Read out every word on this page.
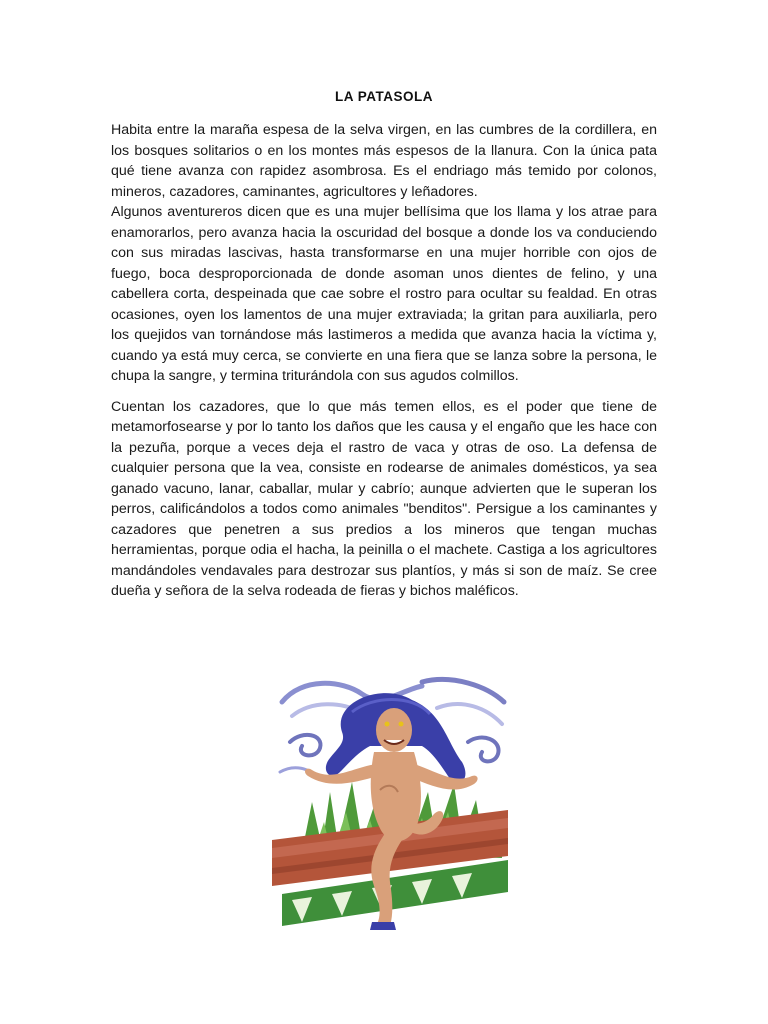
LA PATASOLA

Habita entre la maraña espesa de la selva virgen, en las cumbres de la cordillera, en los bosques solitarios o en los montes más espesos de la llanura. Con la única pata qué tiene avanza con rapidez asombrosa. Es el endriago más temido por colonos, mineros, cazadores, caminantes, agricultores y leñadores.

Algunos aventureros dicen que es una mujer bellísima que los llama y los atrae para enamorarlos, pero avanza hacia la oscuridad del bosque a donde los va conduciendo con sus miradas lascivas, hasta transformarse en una mujer horrible con ojos de fuego, boca desproporcionada de donde asoman unos dientes de felino, y una cabellera corta, despeinada que cae sobre el rostro para ocultar su fealdad. En otras ocasiones, oyen los lamentos de una mujer extraviada; la gritan para auxiliarla, pero los quejidos van tornándose más lastimeros a medida que avanza hacia la víctima y, cuando ya está muy cerca, se convierte en una fiera que se lanza sobre la persona, le chupa la sangre, y termina triturándola con sus agudos colmillos.

Cuentan los cazadores, que lo que más temen ellos, es el poder que tiene de metamorfosearse y por lo tanto los daños que les causa y el engaño que les hace con la pezuña, porque a veces deja el rastro de vaca y otras de oso. La defensa de cualquier persona que la vea, consiste en rodearse de animales domésticos, ya sea ganado vacuno, lanar, caballar, mular y cabrío; aunque advierten que le superan los perros, calificándolos a todos como animales "benditos". Persigue a los caminantes y cazadores que penetren a sus predios a los mineros que tengan muchas herramientas, porque odia el hacha, la peinilla o el machete. Castiga a los agricultores mandándoles vendavales para destrozar sus plantíos, y más si son de maíz. Se cree dueña y señora de la selva rodeada de fieras y bichos maléficos.
